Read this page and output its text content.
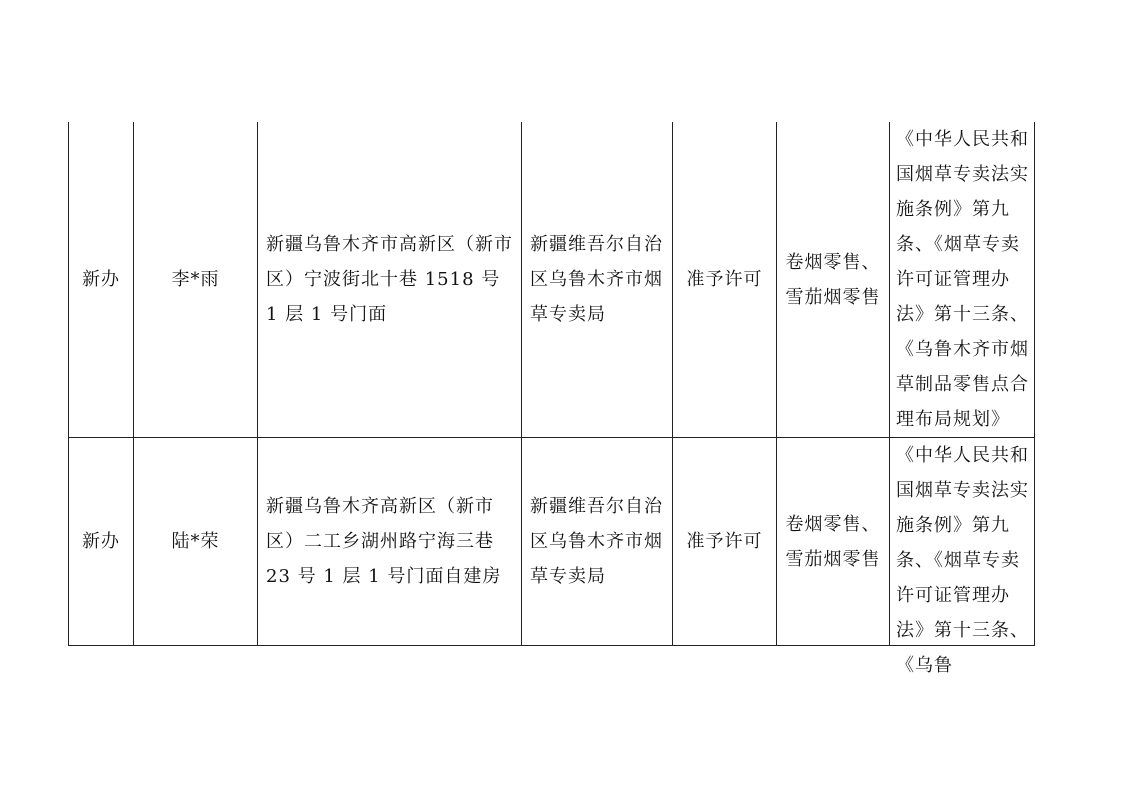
新办	李*雨	新疆乌鲁木齐市高新区（新市区）宁波街北十巷 1518 号 1 层 1 号门面	新疆维吾尔自治区乌鲁木齐市烟草专卖局	准予许可	卷烟零售、雪茄烟零售	《中华人民共和国烟草专卖法实施条例》第九条、《烟草专卖许可证管理办法》第十三条、《乌鲁木齐市烟草制品零售点合理布局规划》

新办	陆*荣	新疆乌鲁木齐高新区（新市区）二工乡湖州路宁海三巷 23 号 1 层 1 号门面自建房	新疆维吾尔自治区乌鲁木齐市烟草专卖局	准予许可	卷烟零售、雪茄烟零售	《中华人民共和国烟草专卖法实施条例》第九条、《烟草专卖许可证管理办法》第十三条、《乌鲁
